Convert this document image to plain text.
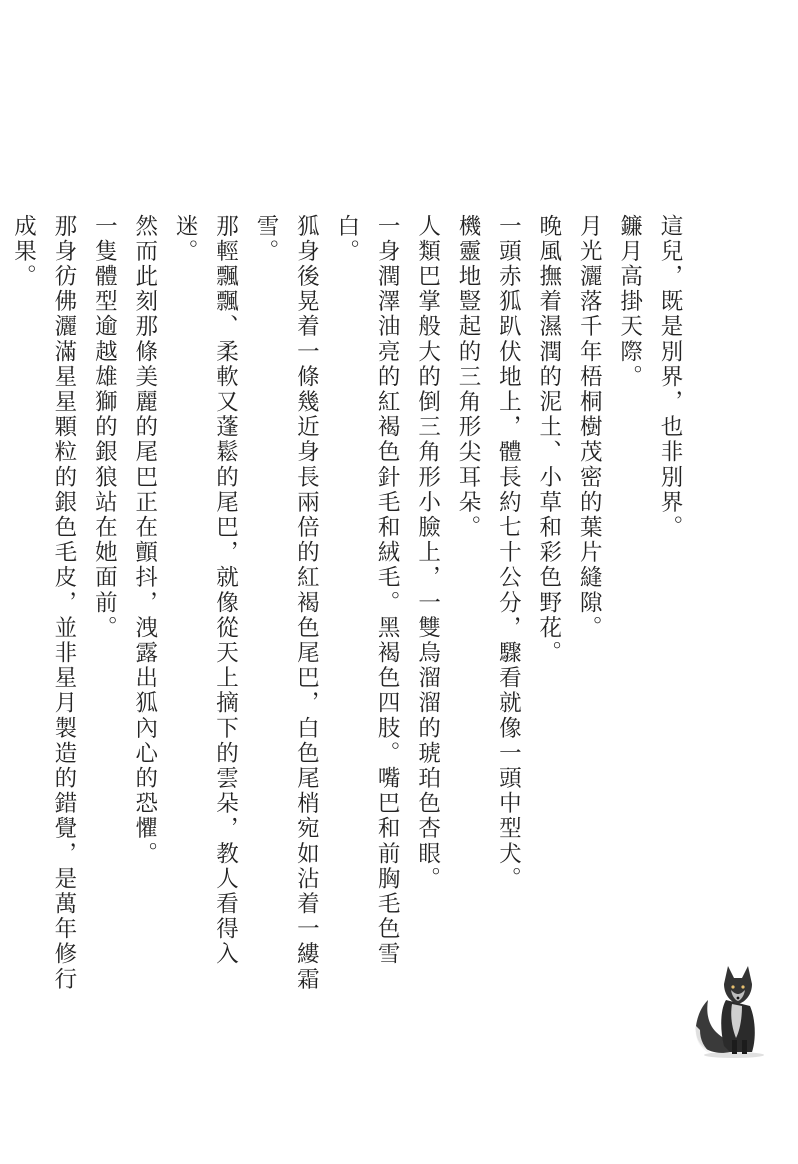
這兒，既是別界，也非別界。

鐮月高掛天際。

月光灑落千年梧桐樹茂密的葉片縫隙。

晚風撫着濕潤的泥土、小草和彩色野花。

一頭赤狐趴伏地上，體長約七十公分，驟看就像一頭中型犬。

機靈地豎起的三角形尖耳朵。

人類巴掌般大的倒三角形小臉上，一雙烏溜溜的琥珀色杏眼。

一身潤澤油亮的紅褐色針毛和絨毛。黑褐色四肢。嘴巴和前胸毛色雪白。

狐身後晃着一條幾近身長兩倍的紅褐色尾巴，白色尾梢宛如沾着一縷霜雪。

那輕飄飄、柔軟又蓬鬆的尾巴，就像從天上摘下的雲朵，教人看得入迷。

然而此刻那條美麗的尾巴正在顫抖，洩露出狐內心的恐懼。

一隻體型逾越雄獅的銀狼站在她面前。

那身彷佛灑滿星星顆粒的銀色毛皮，並非星月製造的錯覺，是萬年修行成果。
